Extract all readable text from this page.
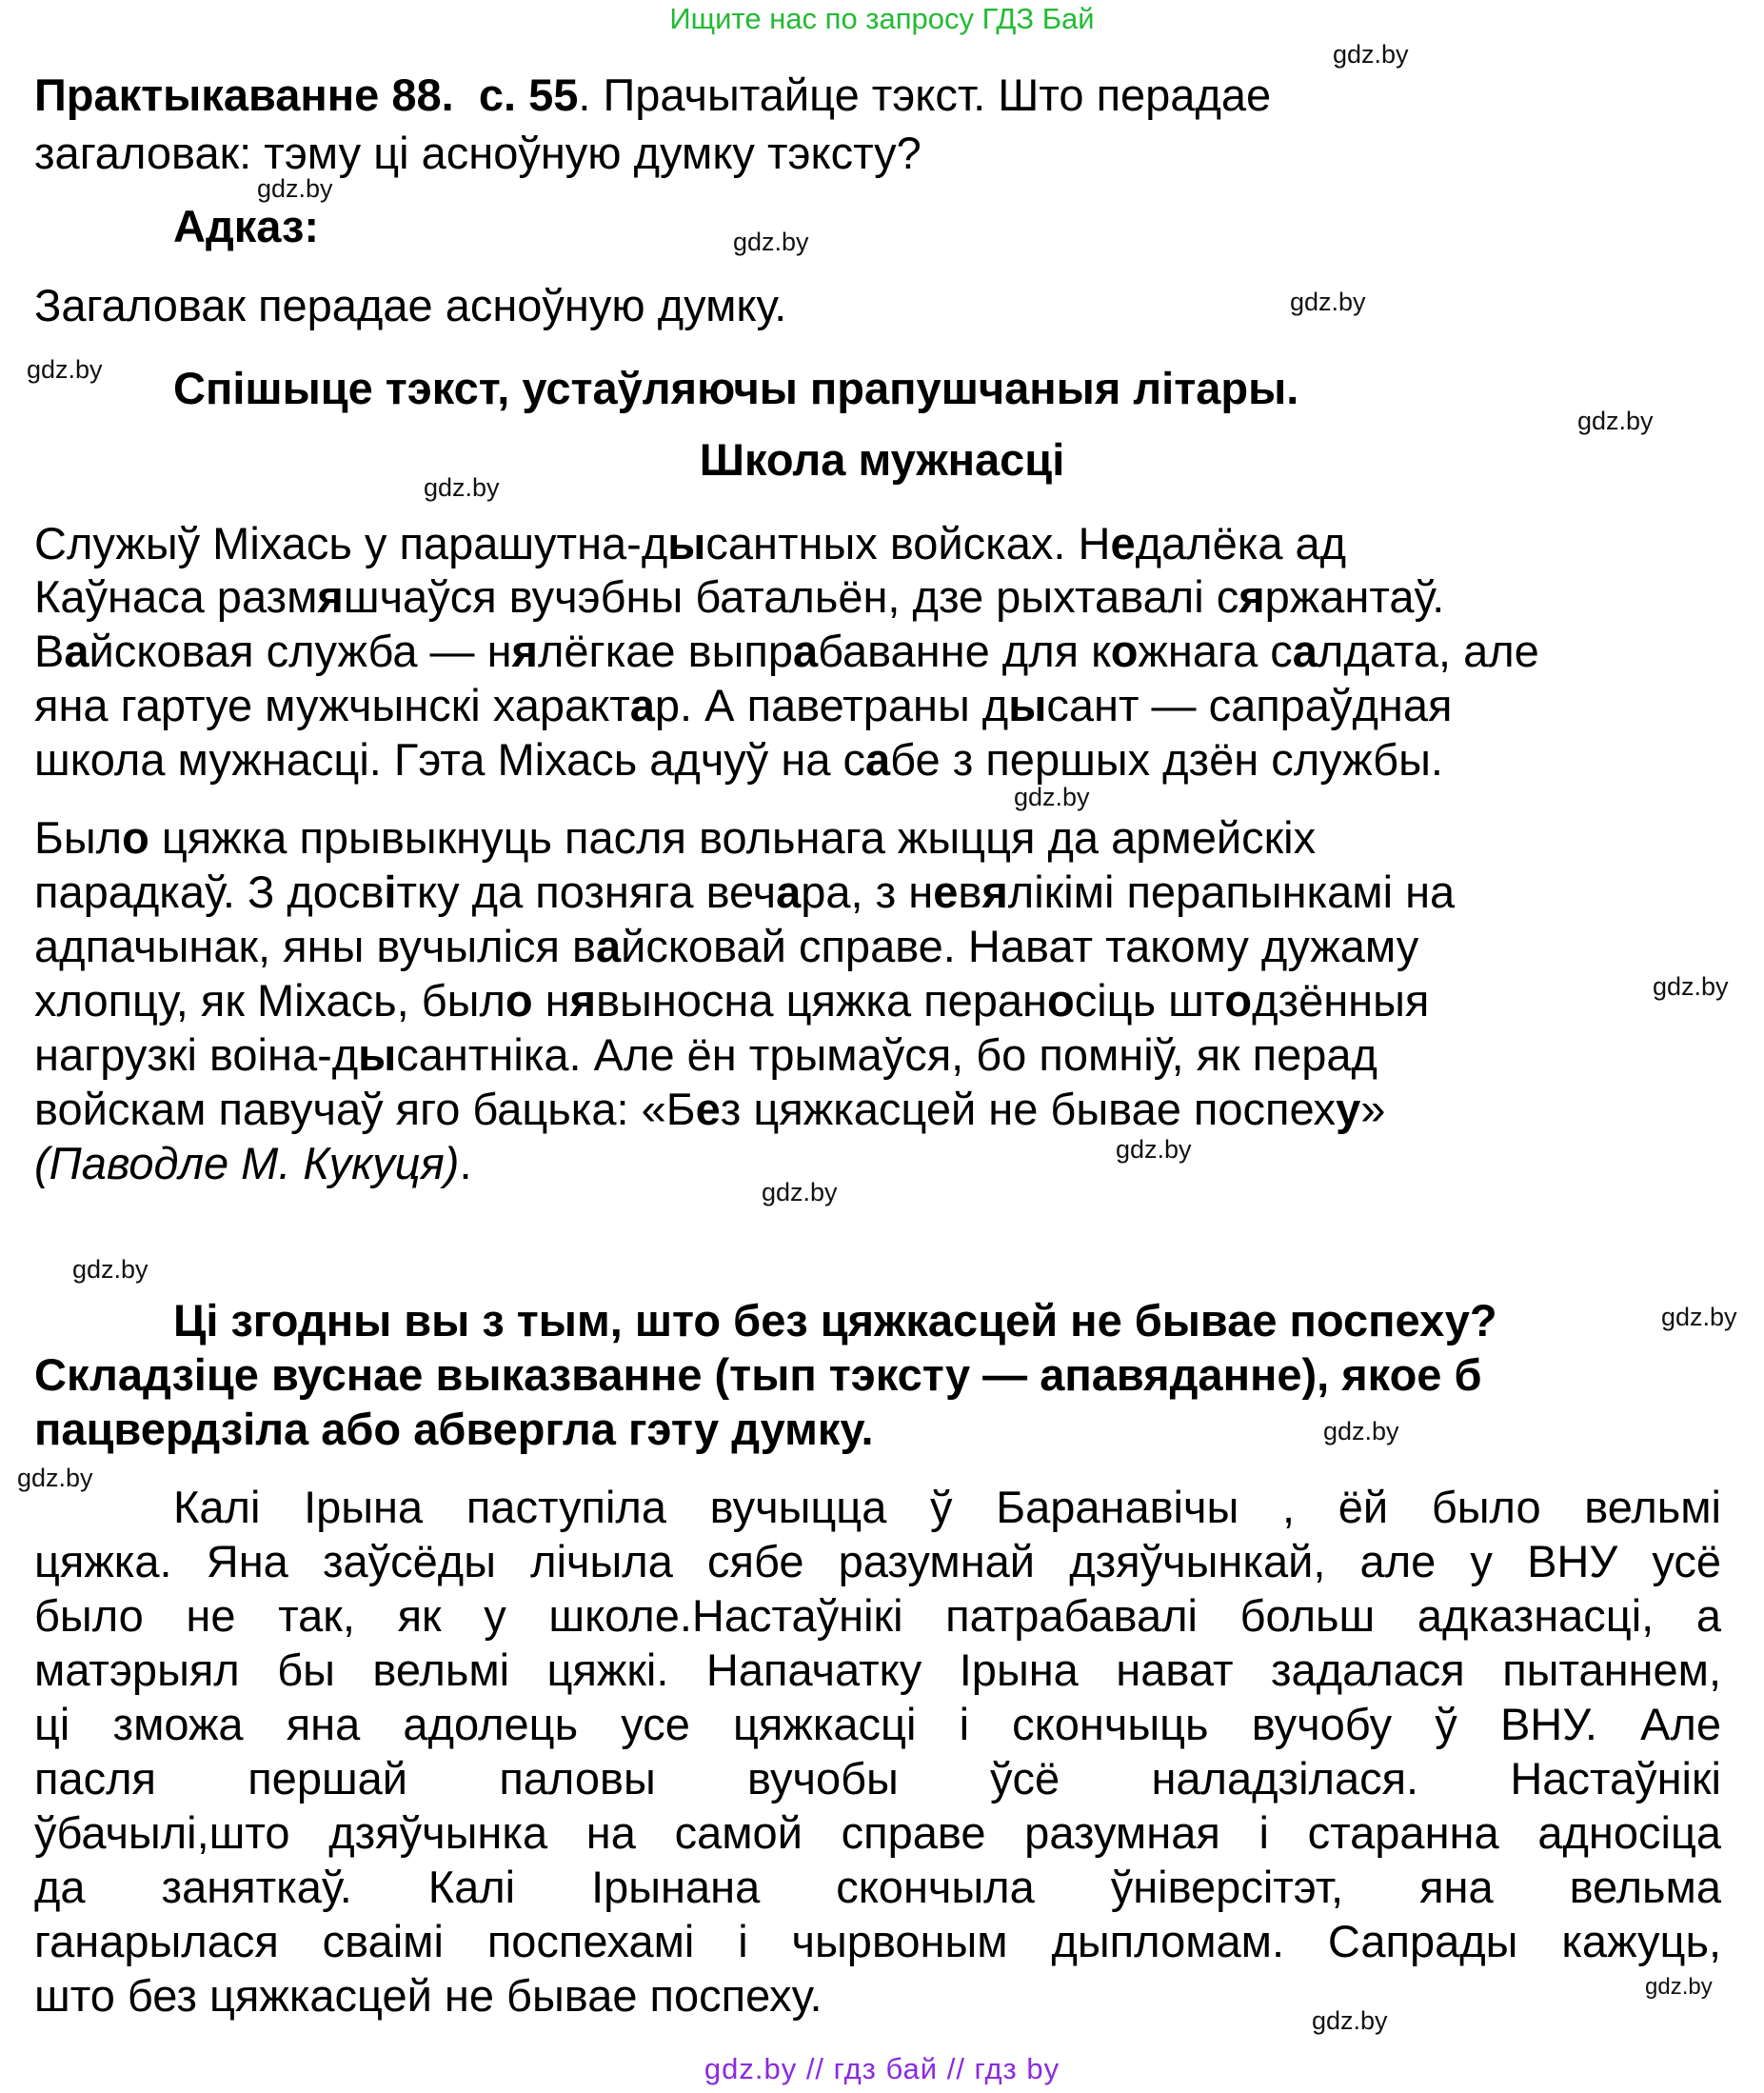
Ищите нас по запросу ГДЗ Бай
gdz.by
gdz.by
gdz.by
gdz.by
gdz.by
gdz.by
gdz.by
gdz.by
gdz.by
gdz.by
gdz.by
gdz.by
gdz.by
gdz.by
gdz.by
gdz.by
gdz.by
Практыкаванне 88. с. 55. Прачытайце тэкст. Што перадае
загаловак: тэму ці асноўную думку тэксту?
Адказ:
Загаловак перадае асноўную думку.
Спішыце тэкст, устаўляючы прапушчаныя літары.
Школа мужнасці
Служыў Міхась у парашутна-дысантных войсках. Недалёка ад
Каўнаса размяшчаўся вучэбны батальён, дзе рыхтавалі сяржантаў.
Вайсковая служба — нялёгкае выпрабаванне для кожнага салдата, але
яна гартуе мужчынскі характар. А паветраны дысант — сапраўдная
школа мужнасці. Гэта Міхась адчуў на сабе з першых дзён службы.
Было цяжка прывыкнуць пасля вольнага жыцця да армейскіх
парадкаў. З досвітку да позняга вечара, з невялікімі перапынкамі на
адпачынак, яны вучыліся вайсковай справе. Нават такому дужаму
хлопцу, як Міхась, было нявыносна цяжка пераносіць штодзённыя
нагрузкі воіна-дысантніка. Але ён трымаўся, бо помніў, як перад
войскам павучаў яго бацька: «Без цяжкасцей не бывае поспеху»
(Паводле М. Кукуця).
Ці згодны вы з тым, што без цяжкасцей не бывае поспеху?
Складзіце вуснае выказванне (тып тэксту — апавяданне), якое б
пацвердзіла або абвергла гэту думку.
Калі Ірына паступіла вучыцца ў Баранавічы , ёй было вельмі
цяжка. Яна заўсёды лічыла сябе разумнай дзяўчынкай, але у ВНУ усё
было не так, як у школе.Настаўнікі патрабавалі больш адказнасці, а
матэрыял бы вельмі цяжкі. Напачатку Ірына нават задалася пытаннем,
ці зможа яна адолець усе цяжкасці і скончыць вучобу ў ВНУ. Але
пасля першай паловы вучобы ўсё наладзілася. Настаўнікі
ўбачылі,што дзяўчынка на самой справе разумная і старанна адносіца
да заняткаў. Калі Ірынана скончыла ўніверсітэт, яна вельма
ганарылася сваімі поспехамі і чырвоным дыпломам. Сапрады кажуць,
што без цяжкасцей не бывае поспеху.
gdz.by // гдз бай // гдз by
